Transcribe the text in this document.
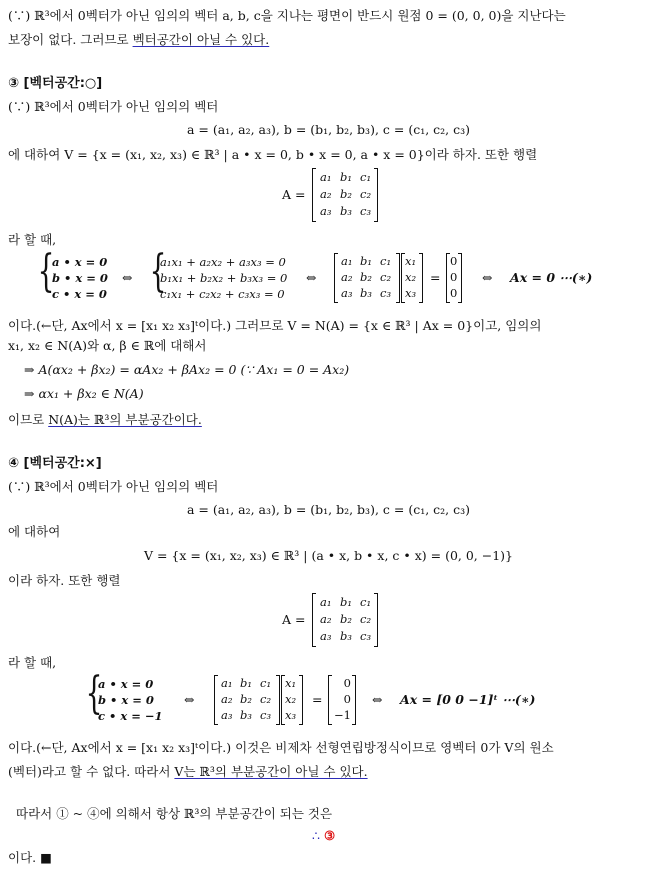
(∵) ℝ³에서 0벡터가 아닌 임의의 벡터 a, b, c을 지나는 평면이 반드시 원점 0 = (0, 0, 0)을 지난다는
보장이 없다. 그러므로 벡터공간이 아닐 수 있다.
③ [벡터공간:○]
(∵) ℝ³에서 0벡터가 아닌 임의의 벡터
a = (a₁, a₂, a₃), b = (b₁, b₂, b₃), c = (c₁, c₂, c₃)
에 대하여 V = {x = (x₁, x₂, x₃) ∈ ℝ³ | a • x = 0, b • x = 0, a • x = 0}이라 하자. 또한 행렬
A =
a₁ b₁ c₁
a₂ b₂ c₂
a₃ b₃ c₃
라 할 때,
{
a • x = 0
b • x = 0
c • x = 0
⇔ {
a₁x₁ + a₂x₂ + a₃x₃ = 0
b₁x₁ + b₂x₂ + b₃x₃ = 0
c₁x₁ + c₂x₂ + c₃x₃ = 0
⇔
a₁ b₁ c₁
a₂ b₂ c₂
a₃ b₃ c₃
x₁
x₂
x₃
=
0
0
0
⇔ Ax = 0 ⋯(∗)
이다.(←단, Ax에서 x = [x₁ x₂ x₃]ᵗ이다.) 그러므로 V = N(A) = {x ∈ ℝ³ | Ax = 0}이고, 임의의
x₁, x₂ ∈ N(A)와 α, β ∈ ℝ에 대해서
⇒ A(αx₂ + βx₂) = αAx₂ + βAx₂ = 0 (∵ Ax₁ = 0 = Ax₂)
⇒ αx₁ + βx₂ ∈ N(A)
이므로 N(A)는 ℝ³의 부분공간이다.
④ [벡터공간:×]
(∵) ℝ³에서 0벡터가 아닌 임의의 벡터
a = (a₁, a₂, a₃), b = (b₁, b₂, b₃), c = (c₁, c₂, c₃)
에 대하여
V = {x = (x₁, x₂, x₃) ∈ ℝ³ | (a • x, b • x, c • x) = (0, 0, −1)}
이라 하자. 또한 행렬
A =
a₁ b₁ c₁
a₂ b₂ c₂
a₃ b₃ c₃
라 할 때,
{
a • x = 0
b • x = 0
c • x = −1
⇔
a₁ b₁ c₁
a₂ b₂ c₂
a₃ b₃ c₃
x₁
x₂
x₃
=
0
0
−1
⇔ Ax = [0 0 −1]ᵗ ⋯(∗)
이다.(←단, Ax에서 x = [x₁ x₂ x₃]ᵗ이다.) 이것은 비제차 선형연립방정식이므로 영벡터 0가 V의 원소
(벡터)라고 할 수 없다. 따라서 V는 ℝ³의 부분공간이 아닐 수 있다.
따라서 ① ~ ④에 의해서 항상 ℝ³의 부분공간이 되는 것은
∴ ③
이다. ■
